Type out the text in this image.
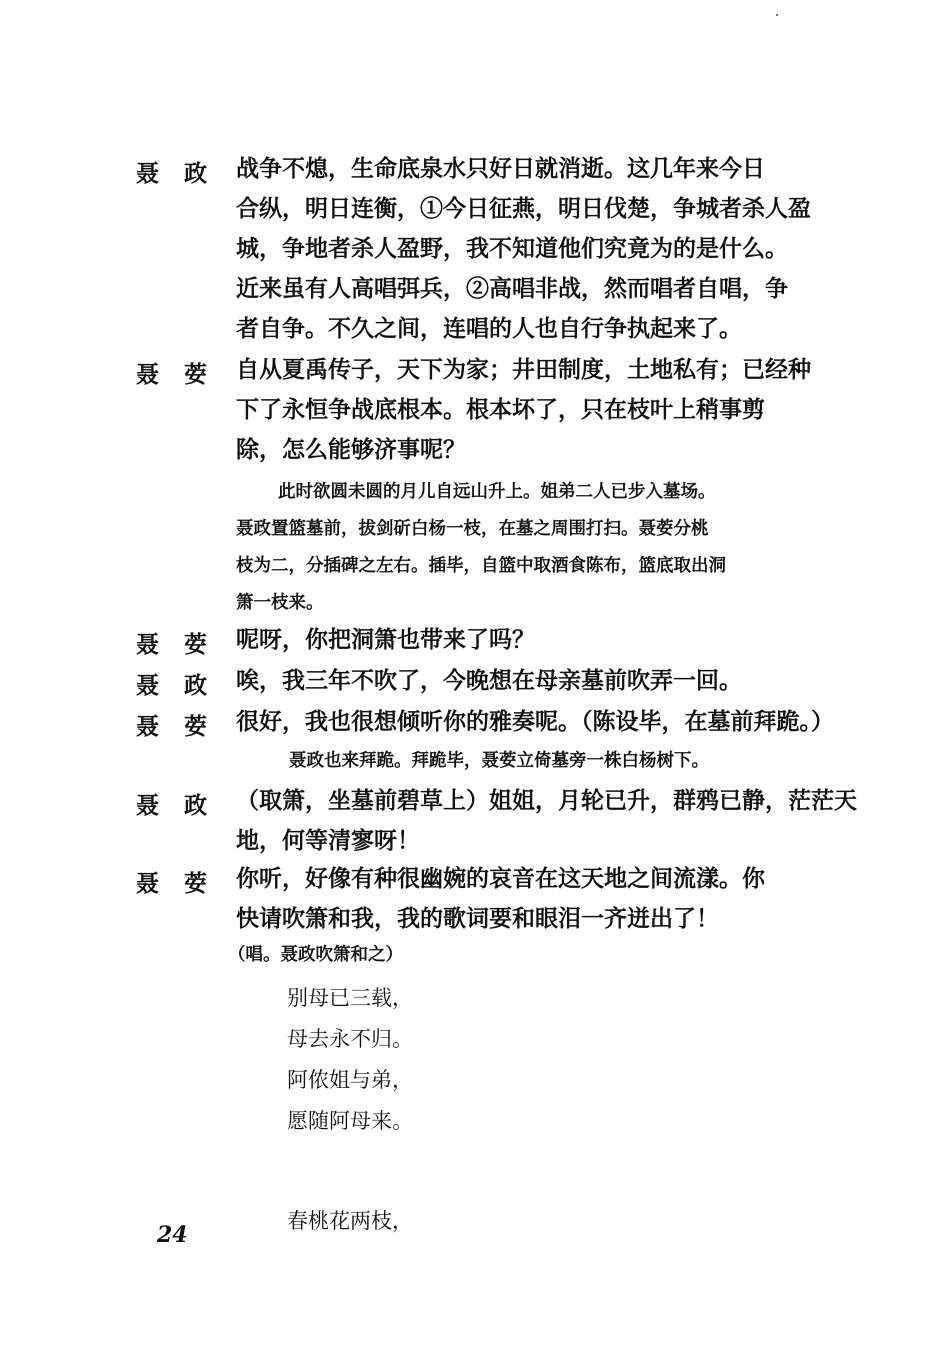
聂 政	战争不熄，生命底泉水只好日就消逝。这几年来今日
合纵，明日连衡，①今日征燕，明日伐楚，争城者杀人盈
城，争地者杀人盈野，我不知道他们究竟为的是什么。
近来虽有人高唱弭兵，②高唱非战，然而唱者自唱，争
者自争。不久之间，连唱的人也自行争执起来了。
聂 荌	自从夏禹传子，天下为家；井田制度，土地私有；已经种
下了永恒争战底根本。根本坏了，只在枝叶上稍事剪
除，怎么能够济事呢？
此时欲圆未圆的月儿自远山升上。姐弟二人已步入墓场。
聂政置篮墓前，拔剑斫白杨一枝，在墓之周围打扫。聂荌分桃
枝为二，分插碑之左右。插毕，自篮中取酒食陈布，篮底取出洞
箫一枝来。
聂 荌	呢呀，你把洞箫也带来了吗？
聂 政	唉，我三年不吹了，今晚想在母亲墓前吹弄一回。
聂 荌	很好，我也很想倾听你的雅奏呢。（陈设毕，在墓前拜跪。）
聂政也来拜跪。拜跪毕，聂荌立倚墓旁一株白杨树下。
聂 政	（取箫，坐墓前碧草上）姐姐，月轮已升，群鸦已静，茫茫天
地，何等清寥呀！
聂 荌	你听，好像有种很幽婉的哀音在这天地之间流漾。你
快请吹箫和我，我的歌词要和眼泪一齐迸出了！
（唱。聂政吹箫和之）
别母已三载，
母去永不归。
阿侬姐与弟，
愿随阿母来。
春桃花两枝，
24
